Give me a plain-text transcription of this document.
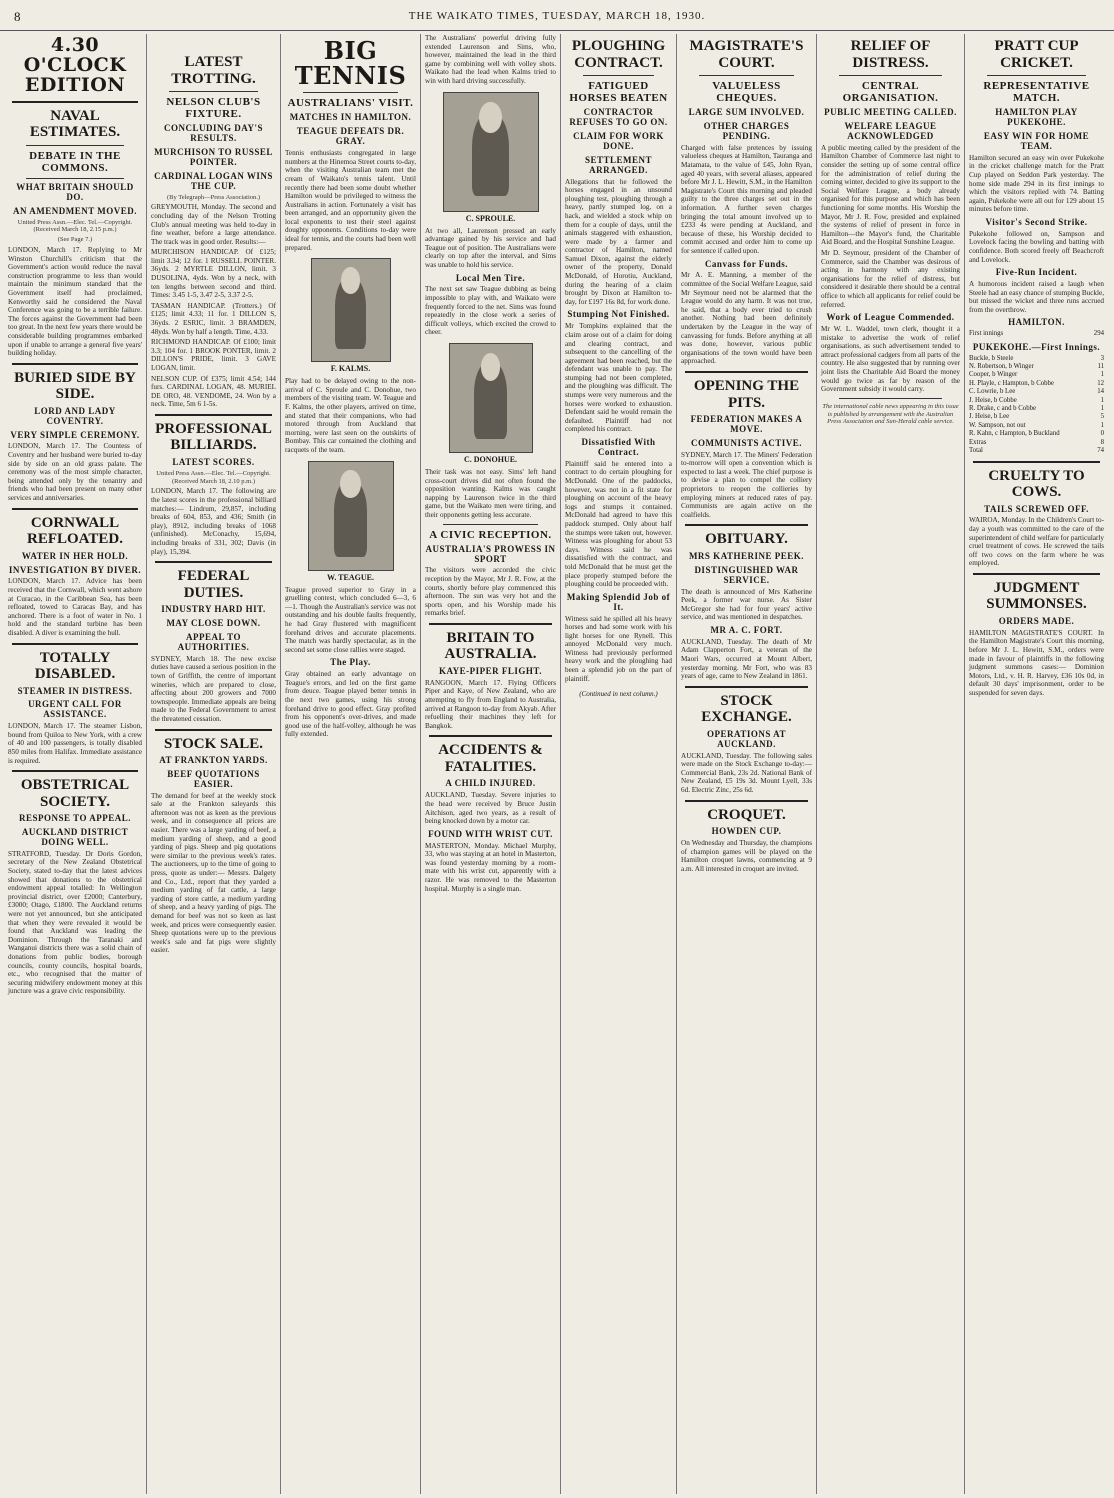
8	THE WAIKATO TIMES, TUESDAY, MARCH 18, 1930.
4.30 O'CLOCK EDITION
NAVAL ESTIMATES.
DEBATE IN THE COMMONS.
WHAT BRITAIN SHOULD DO.
AN AMENDMENT MOVED.

United Press Assn.—Elec. Tel.—Copyright. (Received March 18, 2.15 p.m.)

(See Page 7.)

LONDON, March 17. Replying to Mr Winston Churchill's criticism that the Government's action would reduce the naval construction programme to less than would maintain the minimum standard that the Government itself had proclaimed, Kenworthy said he considered the Naval Conference was going to be a terrible failure. The forces against the Government had been too great. In the next few years there would be considerable building programmes embarked upon if unable to arrange a general five years' building holiday.

BURIED SIDE BY SIDE.
LORD AND LADY COVENTRY.
VERY SIMPLE CEREMONY.

LONDON, March 17. The Countess of Coventry and her husband were buried to-day side by side on an old grass palate. The ceremony was of the most simple character, being attended only by the tenantry and friends who had been present on many other services and anniversaries.

CORNWALL REFLOATED.
WATER IN HER HOLD.
INVESTIGATION BY DIVER.

LONDON, March 17. Advice has been received that the Cornwall, which went ashore at Curacao, in the Caribbean Sea, has been refloated, towed to Caracas Bay, and has anchored. There is a foot of water in No. 1 hold and the standard turbine has been disabled. A diver is examining the hull.

TOTALLY DISABLED.
STEAMER IN DISTRESS.
URGENT CALL FOR ASSISTANCE.

LONDON, March 17. The steamer Lisbon, bound from Quiloa to New York, with a crew of 40 and 100 passengers, is totally disabled 850 miles from Halifax. Immediate assistance is required.

OBSTETRICAL SOCIETY.
RESPONSE TO APPEAL.
AUCKLAND DISTRICT DOING WELL.

STRATFORD, Tuesday. Dr Doris Gordon, secretary of the New Zealand Obstetrical Society, stated to-day that the latest advices showed that donations to the obstetrical endowment appeal totalled: In Wellington provincial district, over £2000; Canterbury, £3000; Otago, £1800. The Auckland returns were not yet announced, but she anticipated that when they were revealed it would be found that Auckland was leading the Dominion. Through the Taranaki and Wanganui districts there was a solid chain of donations from public bodies, borough councils, county councils, hospital boards, etc., who recognised that the matter of securing midwifery endowment money at this juncture was a grave civic responsibility.

LATEST TROTTING.
NELSON CLUB'S FIXTURE.
CONCLUDING DAY'S RESULTS.
MURCHISON TO RUSSEL POINTER.
CARDINAL LOGAN WINS THE CUP.

(By Telegraph—Press Association.)

GREYMOUTH, Monday. The second and concluding day of the Nelson Trotting Club's annual meeting was held to-day in fine weather, before a large attendance. The track was in good order. Results:—

MURCHISON HANDICAP. Of £125; limit 3.34; 12 for. 1 RUSSELL POINTER. 36yds. 2 MYRTLE DILLON, limit. 3 DUSOLINA, 4yds. Won by a neck, with ten lengths between second and third. Times: 3.45 1-5, 3.47 2-5, 3.37 2-5.

TASMAN HANDICAP. (Trotters.) Of £125; limit 4.33; 11 for. 1 DILLON S, 36yds. 2 ESRIC, limit. 3 BRAMDEN, 48yds. Won by half a length. Time, 4.33.

RICHMOND HANDICAP. Of £100; limit 3.3; 104 for. 1 BROOK PONTER, limit. 2 DILLON'S PRIDE, limit. 3 GAVE LOGAN, limit.

NELSON CUP. Of £375; limit 4.54; 144 furs. CARDINAL LOGAN, 48. MURIEL DE ORO, 48. VENDOME, 24. Won by a neck. Time, 5m 6 1-5s.

PROFESSIONAL BILLIARDS.
LATEST SCORES.

United Press Assn.—Elec. Tel.—Copyright. (Received March 18, 2.10 p.m.)

LONDON, March 17. The following are the latest scores in the professional billiard matches:— Lindrum, 29,857, including breaks of 604, 853, and 436; Smith (in play), 8912, including breaks of 1068 (unfinished). McConachy, 15,694, including breaks of 331, 302; Davis (in play), 15,394.

FEDERAL DUTIES.
INDUSTRY HARD HIT.
MAY CLOSE DOWN.
APPEAL TO AUTHORITIES.

SYDNEY, March 18. The new excise duties have caused a serious position in the town of Griffith, the centre of important wineries, which are prepared to close, affecting about 200 growers and 7000 townspeople. Immediate appeals are being made to the Federal Government to arrest the threatened cessation.

STOCK SALE.
AT FRANKTON YARDS.
BEEF QUOTATIONS EASIER.

The demand for beef at the weekly stock sale at the Frankton saleyards this afternoon was not as keen as the previous week, and in consequence all prices are easier. There was a large yarding of beef, a medium yarding of sheep, and a good yarding of pigs. Sheep and pig quotations were similar to the previous week's rates. The auctioneers, up to the time of going to press, quote as under:— Messrs. Dalgety and Co., Ltd., report that they yarded a medium yarding of fat cattle, a large yarding of store cattle, a medium yarding of sheep, and a heavy yarding of pigs. The demand for beef was not so keen as last week, and prices were consequently easier. Sheep quotations were up to the previous week's sale and fat pigs were slightly easier.

BIG TENNIS
AUSTRALIANS' VISIT.
MATCHES IN HAMILTON.
TEAGUE DEFEATS DR. GRAY.

Tennis enthusiasts congregated in large numbers at the Hinemoa Street courts to-day, when the visiting Australian team met the cream of Waikato's tennis talent. Until recently there had been some doubt whether Hamilton would be privileged to witness the Australians in action. Fortunately a visit has been arranged, and an opportunity given the local exponents to test their steel against doughty opponents. Conditions to-day were ideal for tennis, and the courts had been well prepared.

F. KALMS.

Play had to be delayed owing to the non-arrival of C. Sproule and C. Donohue, two members of the visiting team. W. Teague and F. Kalms, the other players, arrived on time, and stated that their companions, who had motored through from Auckland that morning, were last seen on the outskirts of Bombay. This car contained the clothing and racquets of the team.

W. TEAGUE.

Teague proved superior to Gray in a gruelling contest, which concluded 6—3, 6—1. Though the Australian's service was not outstanding and his double faults frequently, he had Gray flustered with magnificent forehand drives and accurate placements. The match was hardly spectacular, as in the second set some close rallies were staged.

The Play.

Gray obtained an early advantage on Teague's errors, and led on the first game from deuce. Teague played better tennis in the next two games, using his strong forehand drive to good effect. Gray profited from his opponent's over-drives, and made good use of the half-volley, although he was fully extended.

The Australians' powerful driving fully extended Laurenson and Sims, who, however, maintained the lead in the third game by combining well with volley shots. Waikato had the lead when Kalms tried to win with hard driving successfully.

C. SPROULE.

At two all, Laurenson pressed an early advantage gained by his service and had Teague out of position. The Australians were clearly on top after the interval, and Sims was unable to hold his service.

Local Men Tire.

The next set saw Teague dubbing as being impossible to play with, and Waikato were frequently forced to the net. Sims was found repeatedly in the close work a series of difficult volleys, which excited the crowd to cheer.

C. DONOHUE.

Their task was not easy. Sims' left hand cross-court drives did not often found the opposition wanting. Kalms was caught napping by Laurenson twice in the third game, but the Waikato men were tiring, and their opponents getting less accurate.

A CIVIC RECEPTION.
AUSTRALIA'S PROWESS IN SPORT

The visitors were accorded the civic reception by the Mayor, Mr J. R. Fow, at the courts, shortly before play commenced this afternoon. The sun was very hot and the sports open, and his Worship made his remarks brief.

BRITAIN TO AUSTRALIA.
KAYE-PIPER FLIGHT.

RANGOON, March 17. Flying Officers Piper and Kaye, of New Zealand, who are attempting to fly from England to Australia, arrived at Rangoon to-day from Akyab. After refuelling their machines they left for Bangkok.

ACCIDENTS & FATALITIES.
A CHILD INJURED.

AUCKLAND, Tuesday. Severe injuries to the head were received by Bruce Justin Aitchison, aged two years, as a result of being knocked down by a motor car.

FOUND WITH WRIST CUT.

MASTERTON, Monday. Michael Murphy, 33, who was staying at an hotel in Masterton, was found yesterday morning by a room-mate with his wrist cut, apparently with a razor. He was removed to the Masterton hospital. Murphy is a single man.

PLOUGHING CONTRACT.
FATIGUED HORSES BEATEN
CONTRACTOR REFUSES TO GO ON.
CLAIM FOR WORK DONE.
SETTLEMENT ARRANGED.

Allegations that he followed the horses engaged in an unsound ploughing test, ploughing through a heavy, partly stumped log, on a hack, and wielded a stock whip on them for a couple of days, until the animals staggered with exhaustion, were made by a farmer and contractor of Hamilton, named Samuel Dixon, against the elderly owner of the property, Donald McDonald, of Horotiu, Auckland, during the hearing of a claim brought by Dixon at Hamilton to-day, for £197 16s 8d, for work done.

Stumping Not Finished.

Mr Tompkins explained that the claim arose out of a claim for doing and clearing contract, and subsequent to the cancelling of the agreement had been reached, but the defendant was unable to pay. The stumping had not been completed, and the ploughing was difficult. The stumps were very numerous and the horses were worked to exhaustion. Defendant said he would remain the defaulted. Plaintiff had not completed his contract.

Dissatisfied With Contract.

Plaintiff said he entered into a contract to do certain ploughing for McDonald. One of the paddocks, however, was not in a fit state for ploughing on account of the heavy logs and stumps it contained. McDonald had agreed to have this paddock stumped. Only about half the stumps were taken out, however. Witness was ploughing for about 53 days. Witness said he was dissatisfied with the contract, and told McDonald that he must get the place properly stumped before the ploughing could be proceeded with.

Making Splendid Job of It.

Witness said he spilled all his heavy horses and had some work with his light horses for one Rynell. This annoyed McDonald very much. Witness had previously performed heavy work and the ploughing had been a splendid job on the part of plaintiff.

(Continued in next column.)

MAGISTRATE'S COURT.
VALUELESS CHEQUES.
LARGE SUM INVOLVED.
OTHER CHARGES PENDING.

Charged with false pretences by issuing valueless cheques at Hamilton, Tauranga and Matamata, to the value of £45, John Ryan, aged 40 years, with several aliases, appeared before Mr J. L. Hewitt, S.M., in the Hamilton Magistrate's Court this morning and pleaded guilty to the three charges set out in the information. A further seven charges bringing the total amount involved up to £233 4s were pending at Auckland, and because of these, his Worship decided to commit accused and order him to come up for sentence if called upon.

Canvass for Funds.

Mr A. E. Manning, a member of the committee of the Social Welfare League, said Mr Seymour need not be alarmed that the League would do any harm. It was not true, he said, that a body ever tried to crush another. Nothing had been definitely undertaken by the League in the way of canvassing for funds. Before anything at all was done, however, various public organisations of the town would have been approached.

OPENING THE PITS.
FEDERATION MAKES A MOVE.
COMMUNISTS ACTIVE.

SYDNEY, March 17. The Miners' Federation to-morrow will open a convention which is expected to last a week. The chief purpose is to devise a plan to compel the colliery proprietors to reopen the collieries by employing miners at reduced rates of pay. Communists are again active on the coalfields.

OBITUARY.
MRS KATHERINE PEEK.
DISTINGUISHED WAR SERVICE.

The death is announced of Mrs Katherine Peek, a former war nurse. As Sister McGregor she had for four years' active service, and was mentioned in despatches.

MR A. C. FORT.

AUCKLAND, Tuesday. The death of Mr Adam Clapperton Fort, a veteran of the Maori Wars, occurred at Mount Albert, yesterday morning. Mr Fort, who was 83 years of age, came to New Zealand in 1861.

STOCK EXCHANGE.
OPERATIONS AT AUCKLAND.

AUCKLAND, Tuesday. The following sales were made on the Stock Exchange to-day:— Commercial Bank, 23s 2d. National Bank of New Zealand, £5 19s 3d. Mount Lyell, 33s 6d. Electric Zinc, 25s 6d.

CROQUET.
HOWDEN CUP.

On Wednesday and Thursday, the champions of champion games will be played on the Hamilton croquet lawns, commencing at 9 a.m. All interested in croquet are invited.

RELIEF OF DISTRESS.
CENTRAL ORGANISATION.
PUBLIC MEETING CALLED.
WELFARE LEAGUE ACKNOWLEDGED

A public meeting called by the president of the Hamilton Chamber of Commerce last night to consider the setting up of some central office for the administration of relief during the coming winter, decided to give its support to the Social Welfare League, a body already organised for this purpose and which has been functioning for some months. His Worship the Mayor, Mr J. R. Fow, presided and explained the systems of relief of present in force in Hamilton—the Mayor's fund, the Charitable Aid Board, and the Hospital Sunshine League.

Mr D. Seymour, president of the Chamber of Commerce, said the Chamber was desirous of acting in harmony with any existing organisations for the relief of distress, but considered it desirable there should be a central office to which all applicants for relief could be referred.

Work of League Commended.

Mr W. L. Waddel, town clerk, thought it a mistake to advertise the work of relief organisations, as such advertisement tended to attract professional cadgers from all parts of the country. He also suggested that by running over joint lists the Charitable Aid Board the money would go twice as far by reason of the Government subsidy it would carry.

The international cable news appearing in this issue is published by arrangement with the Australian Press Association and Sun-Herald cable service.

PRATT CUP CRICKET.
REPRESENTATIVE MATCH.
HAMILTON PLAY PUKEKOHE.
EASY WIN FOR HOME TEAM.

Hamilton secured an easy win over Pukekohe in the cricket challenge match for the Pratt Cup played on Seddon Park yesterday. The home side made 294 in its first innings to which the visitors replied with 74. Batting again, Pukekohe were all out for 129 about 15 minutes before time.

Visitor's Second Strike.

Pukekohe followed on, Sampson and Lovelock facing the bowling and batting with confidence. Both scored freely off Beachcroft and Lovelock.

Five-Run Incident.

A humorous incident raised a laugh when Steele had an easy chance of stumping Buckle, but missed the wicket and three runs accrued from the overthrow.

HAMILTON.
First innings	294
PUKEKOHE.—First Innings.
Buckle, b Steele	3
N. Robertson, b Winger	11
Cooper, b Winger	1
H. Playle, c Hampton, b Cobbe	12
C. Lowrie, b Lee	14
J. Heise, b Cobbe	1
R. Drake, c and b Cobbe	1
J. Heise, b Lee	5
W. Sampson, not out	1
R. Kahn, c Hampton, b Buckland	0
Extras	8
Total	74
CRUELTY TO COWS.
TAILS SCREWED OFF.

WAIROA, Monday. In the Children's Court to-day a youth was committed to the care of the superintendent of child welfare for particularly cruel treatment of cows. He screwed the tails off two cows on the farm where he was employed.

JUDGMENT SUMMONSES.
ORDERS MADE.

HAMILTON MAGISTRATE'S COURT. In the Hamilton Magistrate's Court this morning, before Mr J. L. Hewitt, S.M., orders were made in favour of plaintiffs in the following judgment summons cases:— Dominion Motors, Ltd., v. H. R. Harvey, £36 10s 0d, in default 30 days' imprisonment, order to be suspended for seven days.
